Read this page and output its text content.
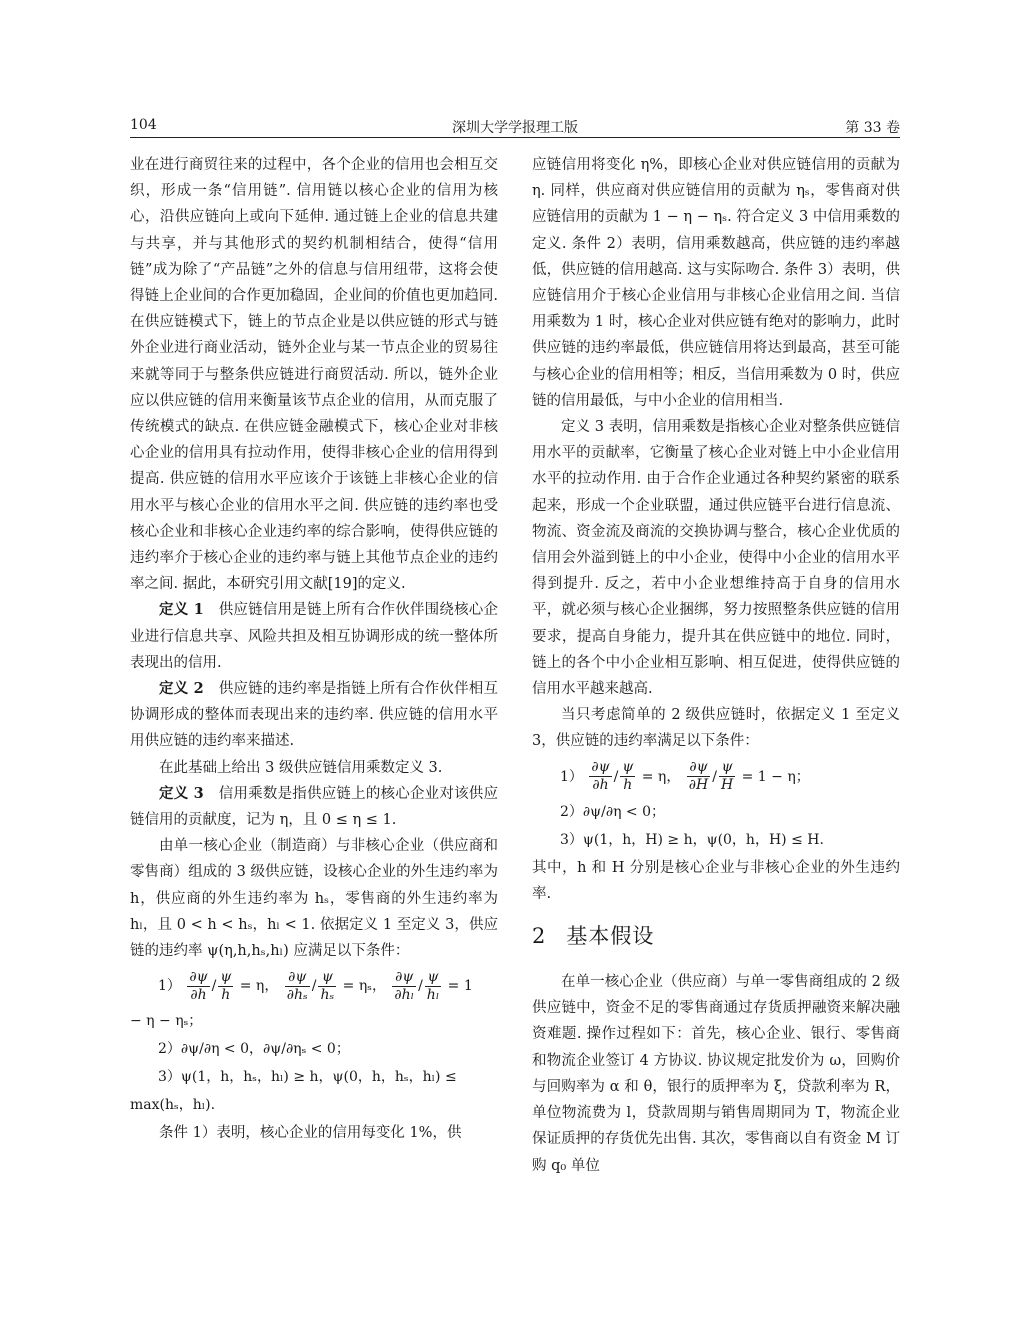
104	深圳大学学报理工版	第 33 卷

业在进行商贸往来的过程中，各个企业的信用也会相互交织，形成一条“信用链”. 信用链以核心企业的信用为核心，沿供应链向上或向下延伸. 通过链上企业的信息共建与共享，并与其他形式的契约机制相结合，使得“信用链”成为除了“产品链”之外的信息与信用纽带，这将会使得链上企业间的合作更加稳固，企业间的价值也更加趋同. 在供应链模式下，链上的节点企业是以供应链的形式与链外企业进行商业活动，链外企业与某一节点企业的贸易往来就等同于与整条供应链进行商贸活动. 所以，链外企业应以供应链的信用来衡量该节点企业的信用，从而克服了传统模式的缺点. 在供应链金融模式下，核心企业对非核心企业的信用具有拉动作用，使得非核心企业的信用得到提高. 供应链的信用水平应该介于该链上非核心企业的信用水平与核心企业的信用水平之间. 供应链的违约率也受核心企业和非核心企业违约率的综合影响，使得供应链的违约率介于核心企业的违约率与链上其他节点企业的违约率之间. 据此，本研究引用文献[19]的定义.

定义 1　 供应链信用是链上所有合作伙伴围绕核心企业进行信息共享、风险共担及相互协调形成的统一整体所表现出的信用.

定义 2　 供应链的违约率是指链上所有合作伙伴相互协调形成的整体而表现出来的违约率. 供应链的信用水平用供应链的违约率来描述.

在此基础上给出 3 级供应链信用乘数定义 3.

定义 3　 信用乘数是指供应链上的核心企业对该供应链信用的贡献度，记为 η，且 0 ≤ η ≤ 1.

由单一核心企业（制造商）与非核心企业（供应商和零售商）组成的 3 级供应链，设核心企业的外生违约率为 h，供应商的外生违约率为 hₛ，零售商的外生违约率为 hₗ，且 0 < h < hₛ，hₗ < 1. 依据定义 1 至定义 3，供应链的违约率 ψ(η,h,hₛ,hₗ) 应满足以下条件：

$1) \frac{\partial\psi}{\partial h} / \frac{\psi}{h} = \eta$， $\frac{\partial\psi}{\text{∂hₛ}} / \frac{\psi}{\text{hₛ}} = \eta_s$， $\frac{\partial\psi}{\text{∂hₗ}} / \frac{\psi}{\text{hₗ}} = 1$
− η − ηₛ；
2）∂ψ/∂η < 0，∂ψ/∂ηₛ < 0；
3）ψ(1，h，hₛ，hₗ) ≥ h，ψ(0，h，hₛ，hₗ) ≤
max(hₛ，hₗ).

条件 1）表明，核心企业的信用每变化 1%，供

应链信用将变化 η%，即核心企业对供应链信用的贡献为 η. 同样，供应商对供应链信用的贡献为 ηₛ，零售商对供应链信用的贡献为 1 − η − ηₛ. 符合定义 3 中信用乘数的定义. 条件 2）表明，信用乘数越高，供应链的违约率越低，供应链的信用越高. 这与实际吻合. 条件 3）表明，供应链信用介于核心企业信用与非核心企业信用之间. 当信用乘数为 1 时，核心企业对供应链有绝对的影响力，此时供应链的违约率最低，供应链信用将达到最高，甚至可能与核心企业的信用相等；相反，当信用乘数为 0 时，供应链的信用最低，与中小企业的信用相当.

定义 3 表明，信用乘数是指核心企业对整条供应链信用水平的贡献率，它衡量了核心企业对链上中小企业信用水平的拉动作用. 由于合作企业通过各种契约紧密的联系起来，形成一个企业联盟，通过供应链平台进行信息流、物流、资金流及商流的交换协调与整合，核心企业优质的信用会外溢到链上的中小企业，使得中小企业的信用水平得到提升. 反之，若中小企业想维持高于自身的信用水平，就必须与核心企业捆绑，努力按照整条供应链的信用要求，提高自身能力，提升其在供应链中的地位. 同时，链上的各个中小企业相互影响、相互促进，使得供应链的信用水平越来越高.

当只考虑简单的 2 级供应链时，依据定义 1 至定义 3，供应链的违约率满足以下条件：

$1) \frac{\partial\psi}{\partial h} / \frac{\psi}{h} = \eta$， $\frac{\partial\psi}{\partial H} / \frac{\psi}{H} = 1 - \eta$；
2）∂ψ/∂η < 0；
3）ψ(1，h，H) ≥ h，ψ(0，h，H) ≤ H.

其中，h 和 H 分别是核心企业与非核心企业的外生违约率.

2 基本假设

在单一核心企业（供应商）与单一零售商组成的 2 级供应链中，资金不足的零售商通过存货质押融资来解决融资难题. 操作过程如下：首先，核心企业、银行、零售商和物流企业签订 4 方协议. 协议规定批发价为 ω，回购价与回购率为 α 和 θ，银行的质押率为 ξ，贷款利率为 R，单位物流费为 l，贷款周期与销售周期同为 T，物流企业保证质押的存货优先出售. 其次，零售商以自有资金 M 订购 q₀ 单位
